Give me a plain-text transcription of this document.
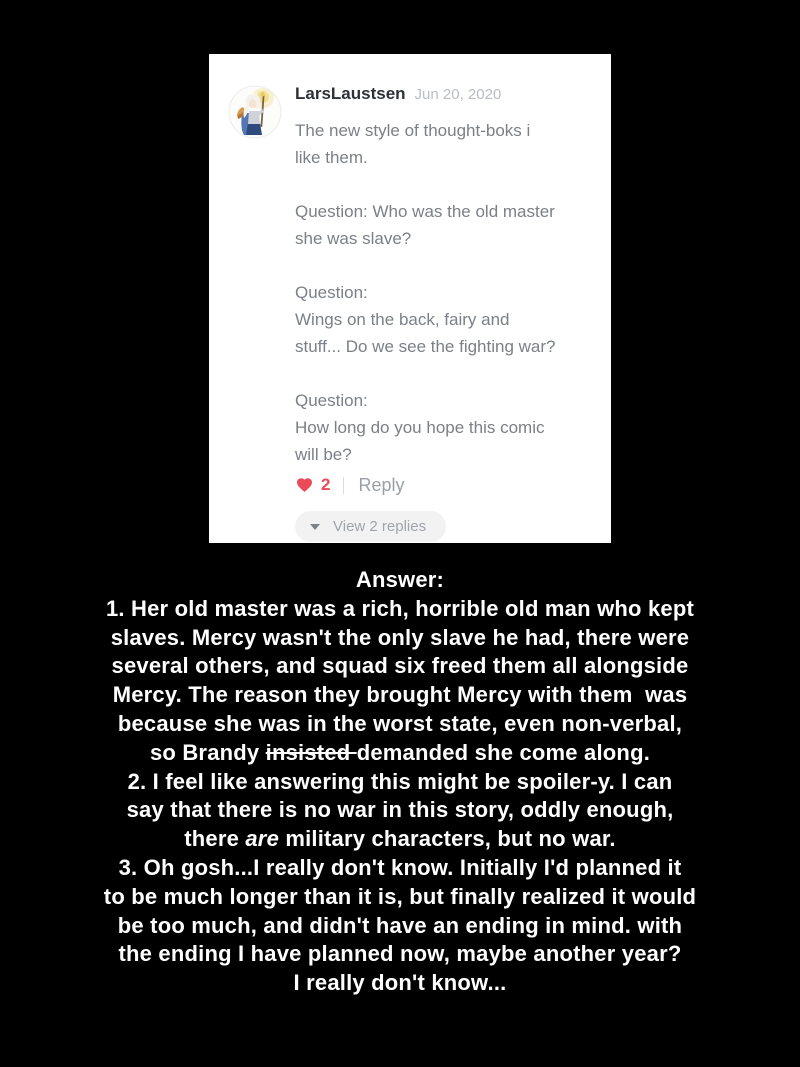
LarsLaustsen Jun 20, 2020
The new style of thought-boks i
like them.
Question: Who was the old master
she was slave?
Question:
Wings on the back, fairy and
stuff... Do we see the fighting war?
Question:
How long do you hope this comic
will be?
2 Reply
View 2 replies
Answer:
1. Her old master was a rich, horrible old man who kept
slaves. Mercy wasn't the only slave he had, there were
several others, and squad six freed them all alongside
Mercy. The reason they brought Mercy with them  was
because she was in the worst state, even non-verbal,
so Brandy insisted demanded she come along.
2. I feel like answering this might be spoiler-y. I can
say that there is no war in this story, oddly enough,
there are military characters, but no war.
3. Oh gosh...I really don't know. Initially I'd planned it
to be much longer than it is, but finally realized it would
be too much, and didn't have an ending in mind. with
the ending I have planned now, maybe another year?
I really don't know...
